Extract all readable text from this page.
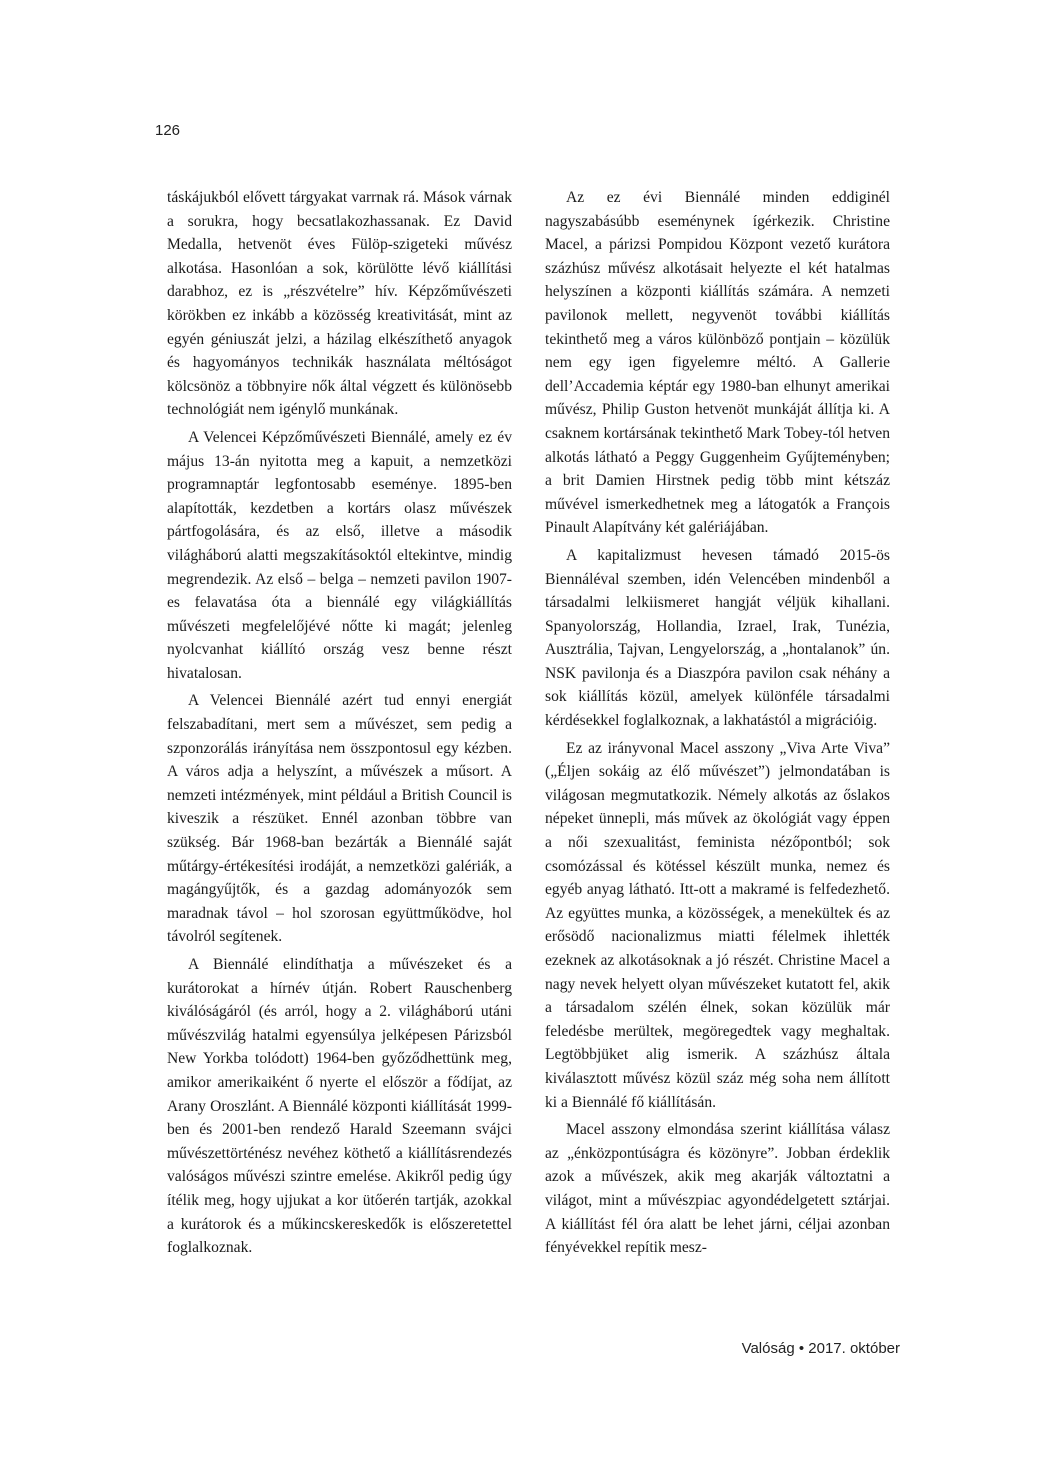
126

táskájukból elővett tárgyakat varrnak rá. Mások várnak a sorukra, hogy becsatlakozhassanak. Ez David Medalla, hetvenöt éves Fülöp-szigeteki művész alkotása. Hasonlóan a sok, körülötte lévő kiállítási darabhoz, ez is „részvételre” hív. Képzőművészeti körökben ez inkább a közösség kreativitását, mint az egyén géniuszát jelzi, a házilag elkészíthető anyagok és hagyományos technikák használata méltóságot kölcsönöz a többnyire nők által végzett és különösebb technológiát nem igénylő munkának.

A Velencei Képzőművészeti Biennálé, amely ez év május 13-án nyitotta meg a kapuit, a nemzetközi programnaptár legfontosabb eseménye. 1895-ben alapították, kezdetben a kortárs olasz művészek pártfogolására, és az első, illetve a második világháború alatti megszakításoktól eltekintve, mindig megrendezik. Az első – belga – nemzeti pavilon 1907-es felavatása óta a biennálé egy világkiállítás művészeti megfelelőjévé nőtte ki magát; jelenleg nyolcvanhat kiállító ország vesz benne részt hivatalosan.

A Velencei Biennálé azért tud ennyi energiát felszabadítani, mert sem a művészet, sem pedig a szponzorálás irányítása nem összpontosul egy kézben. A város adja a helyszínt, a művészek a műsort. A nemzeti intézmények, mint például a British Council is kiveszik a részüket. Ennél azonban többre van szükség. Bár 1968-ban bezárták a Biennálé saját műtárgy-értékesítési irodáját, a nemzetközi galériák, a magángyűjtők, és a gazdag adományozók sem maradnak távol – hol szorosan együttműködve, hol távolról segítenek.

A Biennálé elindíthatja a művészeket és a kurátorokat a hírnév útján. Robert Rauschenberg kiválóságáról (és arról, hogy a 2. világháború utáni művészvilág hatalmi egyensúlya jelképesen Párizsból New Yorkba tolódott) 1964-ben győződhettünk meg, amikor amerikaiként ő nyerte el először a fődíjat, az Arany Oroszlánt. A Biennálé központi kiállítását 1999-ben és 2001-ben rendező Harald Szeemann svájci művészettörténész nevéhez köthető a kiállításrendezés valóságos művészi szintre emelése. Akikről pedig úgy ítélik meg, hogy ujjukat a kor ütőerén tartják, azokkal a kurátorok és a műkincskereskedők is előszeretettel foglalkoznak.

Az ez évi Biennálé minden eddiginél nagyszabásúbb eseménynek ígérkezik. Christine Macel, a párizsi Pompidou Központ vezető kurátora százhúsz művész alkotásait helyezte el két hatalmas helyszínen a központi kiállítás számára. A nemzeti pavilonok mellett, negyvenöt további kiállítás tekinthető meg a város különböző pontjain – közülük nem egy igen figyelemre méltó. A Gallerie dell’Accademia képtár egy 1980-ban elhunyt amerikai művész, Philip Guston hetvenöt munkáját állítja ki. A csaknem kortársának tekinthető Mark Tobey-tól hetven alkotás látható a Peggy Guggenheim Gyűjteményben; a brit Damien Hirstnek pedig több mint kétszáz művével ismerkedhetnek meg a látogatók a François Pinault Alapítvány két galériájában.

A kapitalizmust hevesen támadó 2015-ös Biennáléval szemben, idén Velencében mindenből a társadalmi lelkiismeret hangját véljük kihallani. Spanyolország, Hollandia, Izrael, Irak, Tunézia, Ausztrália, Tajvan, Lengyelország, a „hontalanok” ún. NSK pavilonja és a Diaszpóra pavilon csak néhány a sok kiállítás közül, amelyek különféle társadalmi kérdésekkel foglalkoznak, a lakhatástól a migrációig.

Ez az irányvonal Macel asszony „Viva Arte Viva” („Éljen sokáig az élő művészet”) jelmondatában is világosan megmutatkozik. Némely alkotás az őslakos népeket ünnepli, más művek az ökológiát vagy éppen a női szexualitást, feminista nézőpontból; sok csomózással és kötéssel készült munka, nemez és egyéb anyag látható. Itt-ott a makramé is felfedezhető. Az együttes munka, a közösségek, a menekültek és az erősödő nacionalizmus miatti félelmek ihlették ezeknek az alkotásoknak a jó részét. Christine Macel a nagy nevek helyett olyan művészeket kutatott fel, akik a társadalom szélén élnek, sokan közülük már feledésbe merültek, megöregedtek vagy meghaltak. Legtöbbjüket alig ismerik. A százhúsz általa kiválasztott művész közül száz még soha nem állított ki a Biennálé fő kiállításán.

Macel asszony elmondása szerint kiállítása válasz az „énközpontúságra és közönyre”. Jobban érdeklik azok a művészek, akik meg akarják változtatni a világot, mint a művészpiac agyondédelgetett sztárjai. A kiállítást fél óra alatt be lehet járni, céljai azonban fényévekkel repítik mesz-

Valóság • 2017. október
